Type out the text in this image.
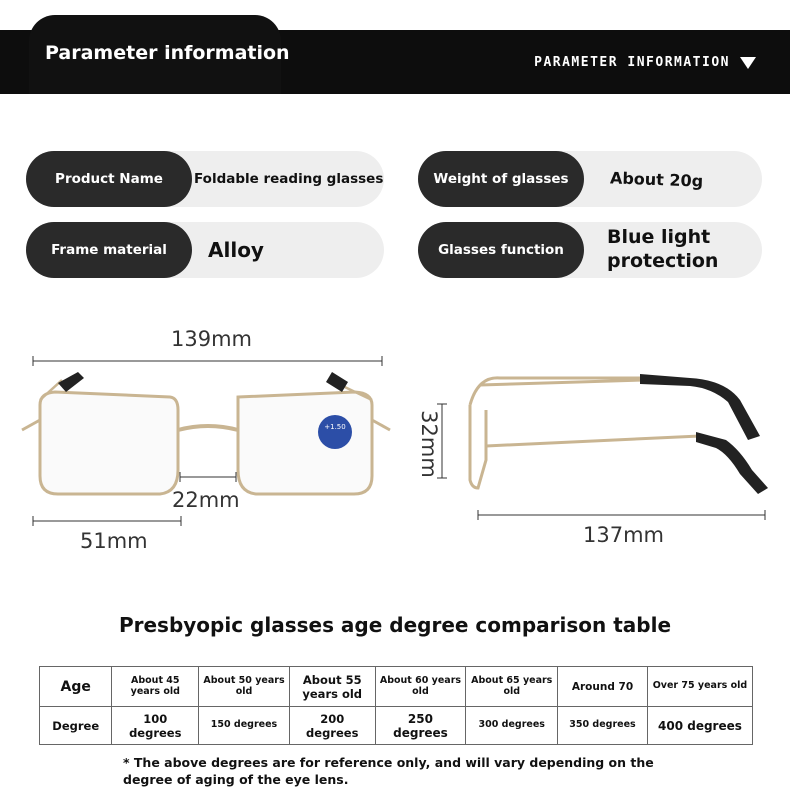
Parameter information	PARAMETER INFORMATION
Product Name	Foldable reading glasses	Weight of glasses	About 20g
Frame material	Alloy	Glasses function
Blue light
protection
+1.50
139mm
22mm
51mm
32mm
137mm
Presbyopic glasses age degree comparison table
Age	About 45 years old	About 50 years old	About 55 years old	About 60 years old	About 65 years old	Around 70	Over 75 years old
Degree	100 degrees	150 degrees	200 degrees	250 degrees	300 degrees	350 degrees	400 degrees
* The above degrees are for reference only, and will vary depending on the degree of aging of the eye lens.
